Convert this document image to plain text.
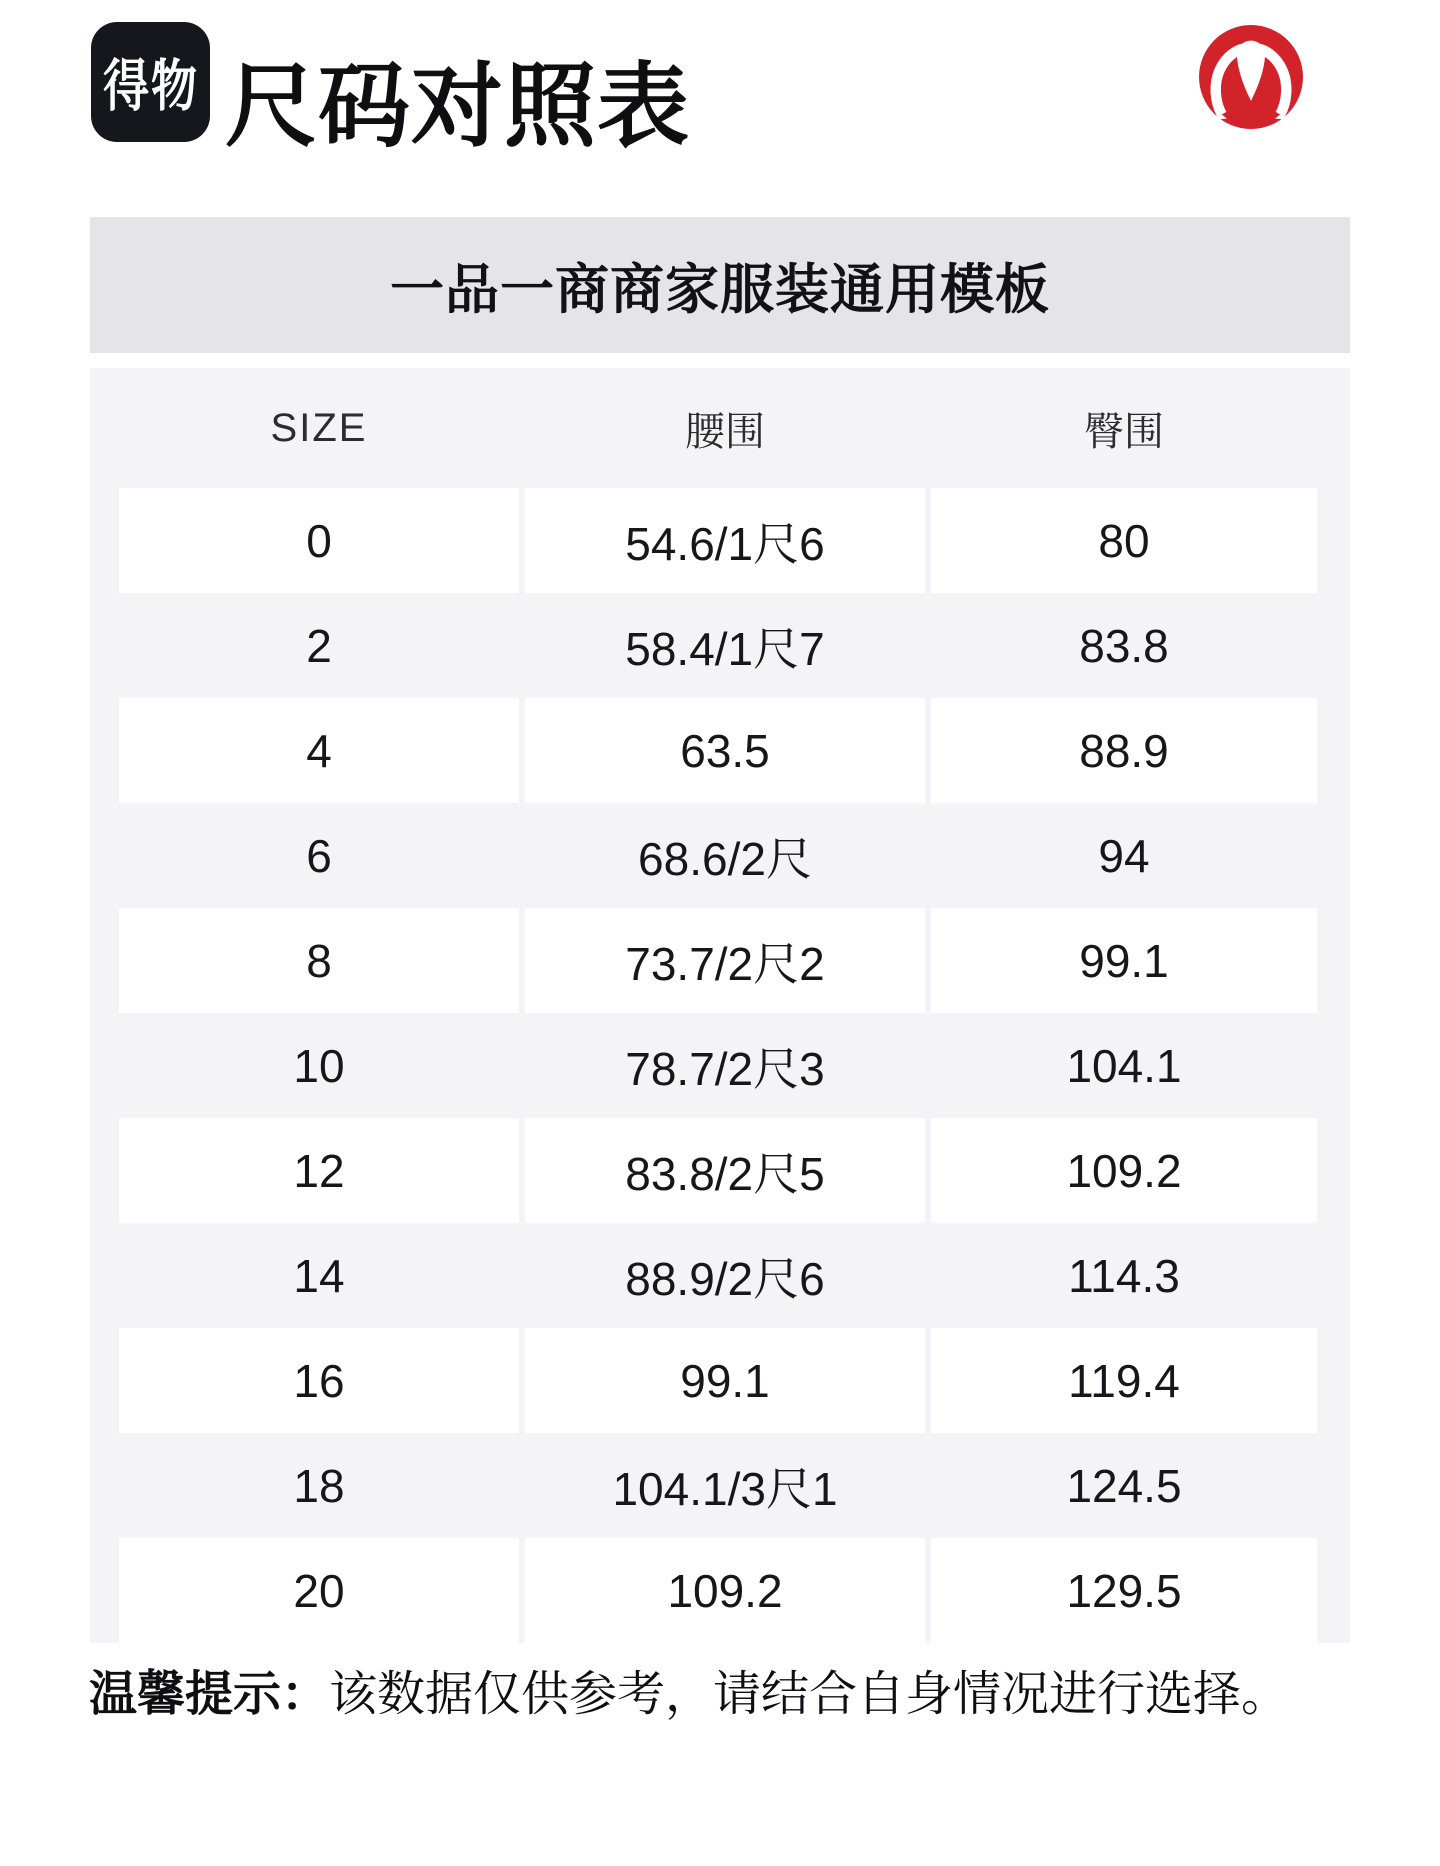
得物 尺码对照表
一品一商商家服装通用模板
SIZE	腰围	臀围
0	54.6/1尺6	80
2	58.4/1尺7	83.8
4	63.5	88.9
6	68.6/2尺	94
8	73.7/2尺2	99.1
10	78.7/2尺3	104.1
12	83.8/2尺5	109.2
14	88.9/2尺6	114.3
16	99.1	119.4
18	104.1/3尺1	124.5
20	109.2	129.5
温馨提示：该数据仅供参考，请结合自身情况进行选择。
